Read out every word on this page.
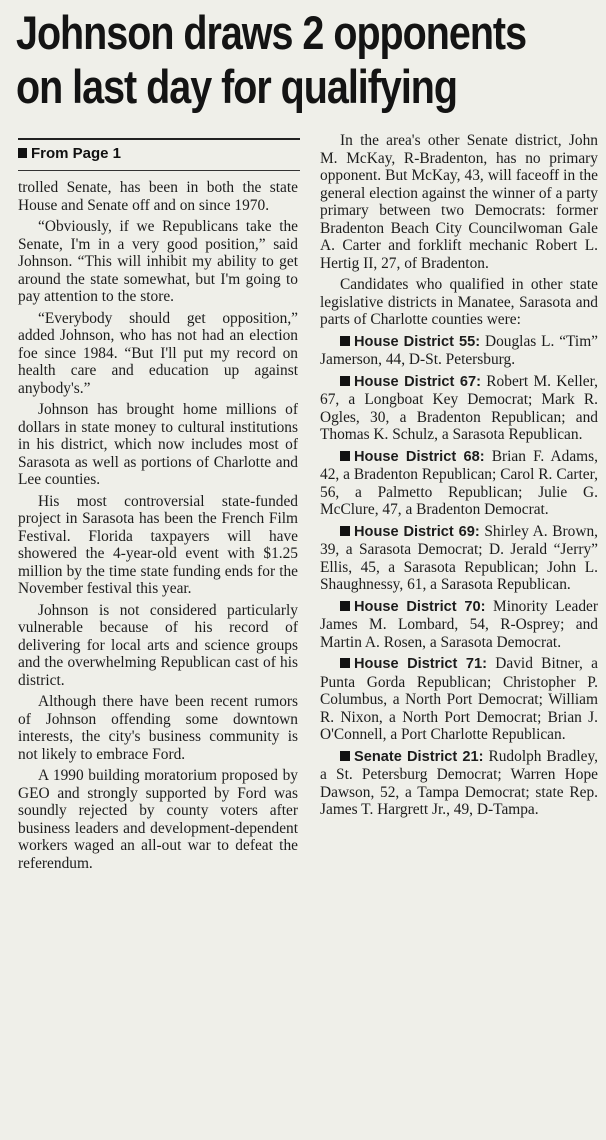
Johnson draws 2 opponents
on last day for qualifying
From Page 1

trolled Senate, has been in both the state House and Senate off and on since 1970.

“Obviously, if we Republicans take the Senate, I'm in a very good position,” said Johnson. “This will inhibit my ability to get around the state somewhat, but I'm going to pay attention to the store.

“Everybody should get opposition,” added Johnson, who has not had an election foe since 1984. “But I'll put my record on health care and education up against anybody's.”

Johnson has brought home millions of dollars in state money to cultural institutions in his district, which now includes most of Sarasota as well as portions of Charlotte and Lee counties.

His most controversial state-funded project in Sarasota has been the French Film Festival. Florida taxpayers will have showered the 4-year-old event with $1.25 million by the time state funding ends for the November festival this year.

Johnson is not considered particularly vulnerable because of his record of delivering for local arts and science groups and the overwhelming Republican cast of his district.

Although there have been recent rumors of Johnson offending some downtown interests, the city's business community is not likely to embrace Ford.

A 1990 building moratorium proposed by GEO and strongly supported by Ford was soundly rejected by county voters after business leaders and development-dependent workers waged an all-out war to defeat the referendum.

In the area's other Senate district, John M. McKay, R-Bradenton, has no primary opponent. But McKay, 43, will faceoff in the general election against the winner of a party primary between two Democrats: former Bradenton Beach City Councilwoman Gale A. Carter and forklift mechanic Robert L. Hertig II, 27, of Bradenton.

Candidates who qualified in other state legislative districts in Manatee, Sarasota and parts of Charlotte counties were:

House District 55: Douglas L. “Tim” Jamerson, 44, D-St. Petersburg.

House District 67: Robert M. Keller, 67, a Longboat Key Democrat; Mark R. Ogles, 30, a Bradenton Republican; and Thomas K. Schulz, a Sarasota Republican.

House District 68: Brian F. Adams, 42, a Bradenton Republican; Carol R. Carter, 56, a Palmetto Republican; Julie G. McClure, 47, a Bradenton Democrat.

House District 69: Shirley A. Brown, 39, a Sarasota Democrat; D. Jerald “Jerry” Ellis, 45, a Sarasota Republican; John L. Shaughnessy, 61, a Sarasota Republican.

House District 70: Minority Leader James M. Lombard, 54, R-Osprey; and Martin A. Rosen, a Sarasota Democrat.

House District 71: David Bitner, a Punta Gorda Republican; Christopher P. Columbus, a North Port Democrat; William R. Nixon, a North Port Democrat; Brian J. O'Connell, a Port Charlotte Republican.

Senate District 21: Rudolph Bradley, a St. Petersburg Democrat; Warren Hope Dawson, 52, a Tampa Democrat; state Rep. James T. Hargrett Jr., 49, D-Tampa.
